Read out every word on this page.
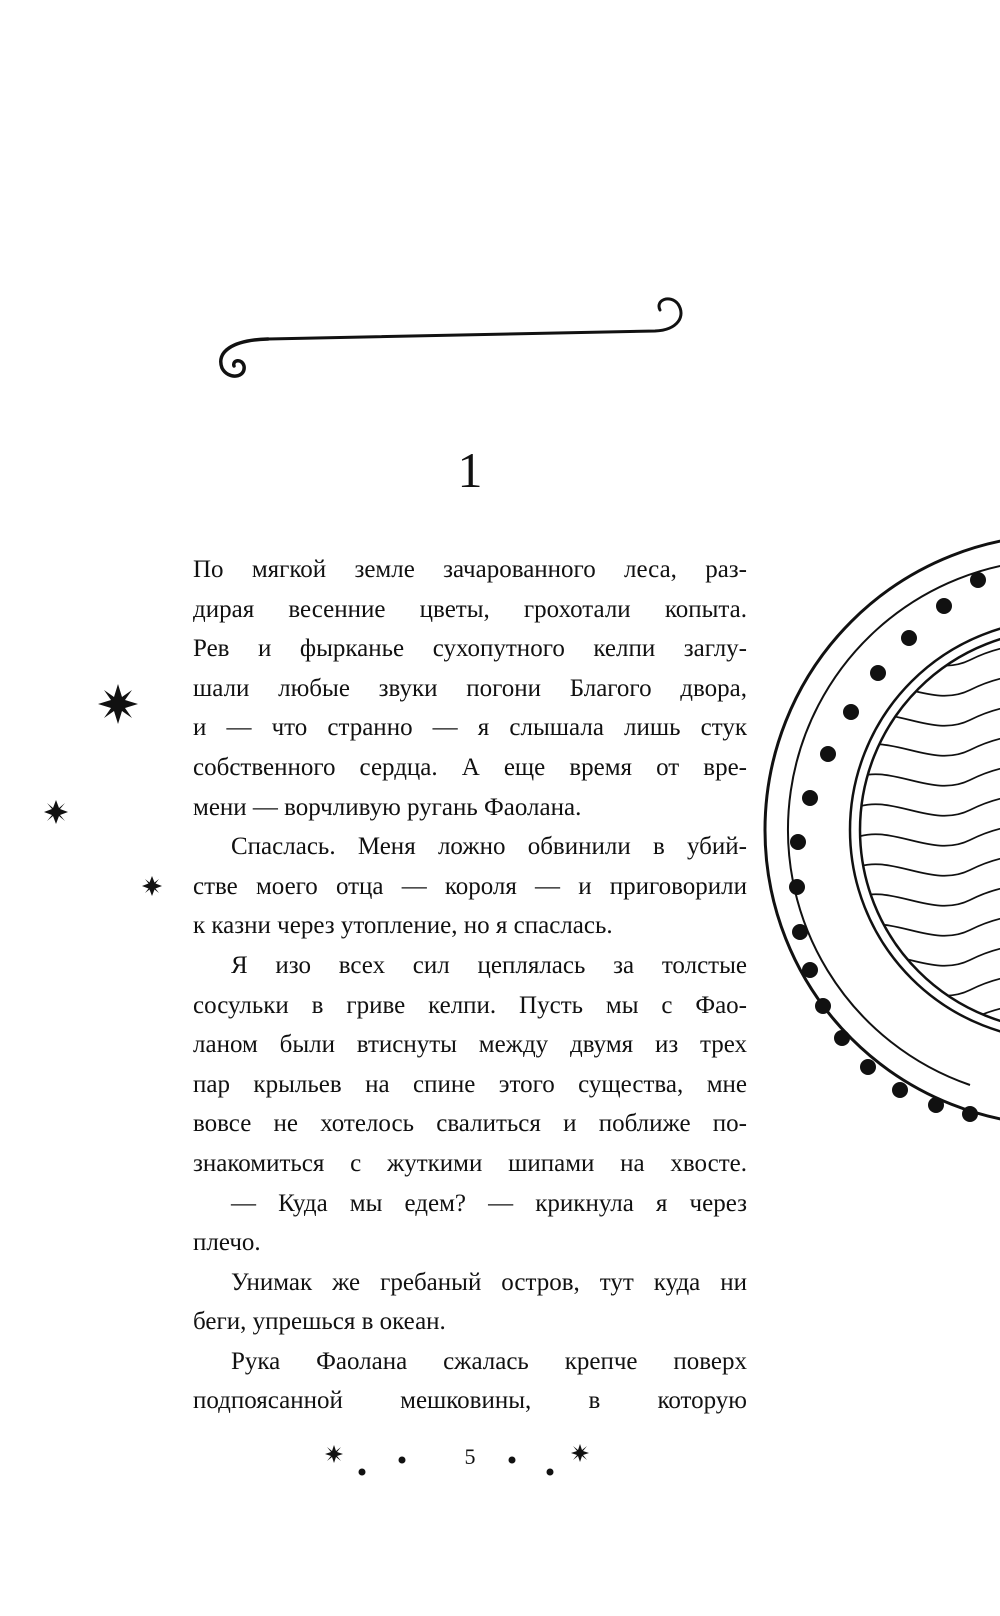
1
По мягкой земле зачарованного леса, раз-
дирая весенние цветы, грохотали копыта.
Рев и фырканье сухопутного келпи заглу-
шали любые звуки погони Благого двора,
и — что странно — я слышала лишь стук
собственного сердца. А еще время от вре-
мени — ворчливую ругань Фаолана.
Спаслась. Меня ложно обвинили в убий-
стве моего отца — короля — и приговорили
к казни через утопление, но я спаслась.
Я изо всех сил цеплялась за толстые
сосульки в гриве келпи. Пусть мы с Фао-
ланом были втиснуты между двумя из трех
пар крыльев на спине этого существа, мне
вовсе не хотелось свалиться и поближе по-
знакомиться с жуткими шипами на хвосте.
— Куда мы едем? — крикнула я через
плечо.
Унимак же гребаный остров, тут куда ни
беги, упрешься в океан.
Рука Фаолана сжалась крепче поверх
подпоясанной мешковины, в которую
5
